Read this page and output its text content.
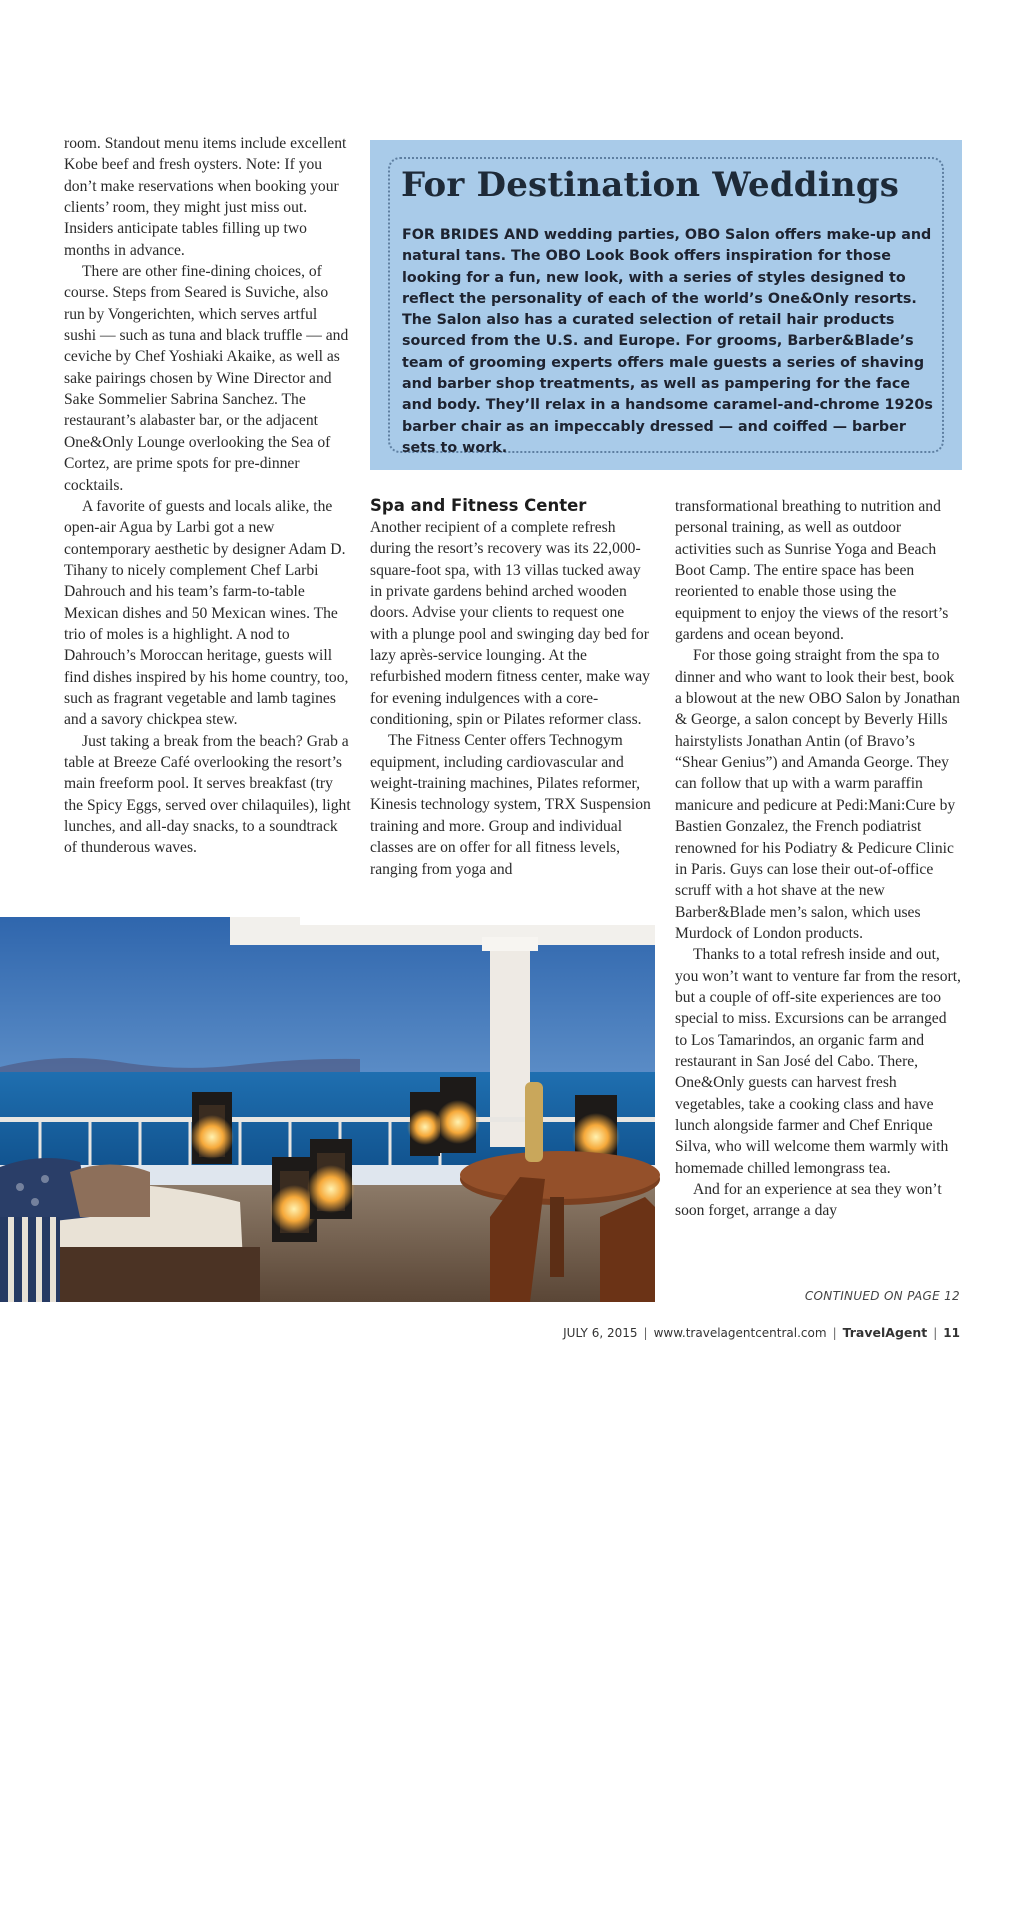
room. Standout menu items include excellent Kobe beef and fresh oysters. Note: If you don’t make reservations when booking your clients’ room, they might just miss out. Insiders anticipate tables filling up two months in advance.

There are other fine-dining choices, of course. Steps from Seared is Suviche, also run by Vongerichten, which serves artful sushi — such as tuna and black truffle — and ceviche by Chef Yoshiaki Akaike, as well as sake pairings chosen by Wine Director and Sake Sommelier Sabrina Sanchez. The restaurant’s alabaster bar, or the adjacent One&Only Lounge overlooking the Sea of Cortez, are prime spots for pre-dinner cocktails.

A favorite of guests and locals alike, the open-air Agua by Larbi got a new contemporary aesthetic by designer Adam D. Tihany to nicely complement Chef Larbi Dahrouch and his team’s farm-to-table Mexican dishes and 50 Mexican wines. The trio of moles is a highlight. A nod to Dahrouch’s Moroccan heritage, guests will find dishes inspired by his home country, too, such as fragrant vegetable and lamb tagines and a savory chickpea stew.

Just taking a break from the beach? Grab a table at Breeze Café overlooking the resort’s main freeform pool. It serves breakfast (try the Spicy Eggs, served over chilaquiles), light lunches, and all-day snacks, to a soundtrack of thunderous waves.

For Destination Weddings
FOR BRIDES AND wedding parties, OBO Salon offers make-up and natural tans. The OBO Look Book offers inspiration for those looking for a fun, new look, with a series of styles designed to reflect the personality of each of the world’s One&Only resorts. The Salon also has a curated selection of retail hair products sourced from the U.S. and Europe. For grooms, Barber&Blade’s team of grooming experts offers male guests a series of shaving and barber shop treatments, as well as pampering for the face and body. They’ll relax in a handsome caramel-and-chrome 1920s barber chair as an impeccably dressed — and coiffed — barber sets to work.
Spa and Fitness Center

Another recipient of a complete refresh during the resort’s recovery was its 22,000-square-foot spa, with 13 villas tucked away in private gardens behind arched wooden doors. Advise your clients to request one with a plunge pool and swinging day bed for lazy après-service lounging. At the refurbished modern fitness center, make way for evening indulgences with a core-conditioning, spin or Pilates reformer class.

The Fitness Center offers Technogym equipment, including cardiovascular and weight-training machines, Pilates reformer, Kinesis technology system, TRX Suspension training and more. Group and individual classes are on offer for all fitness levels, ranging from yoga and

transformational breathing to nutrition and personal training, as well as outdoor activities such as Sunrise Yoga and Beach Boot Camp. The entire space has been reoriented to enable those using the equipment to enjoy the views of the resort’s gardens and ocean beyond.

For those going straight from the spa to dinner and who want to look their best, book a blowout at the new OBO Salon by Jonathan & George, a salon concept by Beverly Hills hairstylists Jonathan Antin (of Bravo’s “Shear Genius”) and Amanda George. They can follow that up with a warm paraffin manicure and pedicure at Pedi:Mani:Cure by Bastien Gonzalez, the French podiatrist renowned for his Podiatry & Pedicure Clinic in Paris. Guys can lose their out-of-office scruff with a hot shave at the new Barber&Blade men’s salon, which uses Murdock of London products.

Thanks to a total refresh inside and out, you won’t want to venture far from the resort, but a couple of off-site experiences are too special to miss. Excursions can be arranged to Los Tamarindos, an organic farm and restaurant in San José del Cabo. There, One&Only guests can harvest fresh vegetables, take a cooking class and have lunch alongside farmer and Chef Enrique Silva, who will welcome them warmly with homemade chilled lemongrass tea.

And for an experience at sea they won’t soon forget, arrange a day

CONTINUED ON PAGE 12
Superior and Deluxe Rooms at One&Ony Palmilla have shaded terraces with day beds overlook the bay.
JULY 6, 2015 | www.travelagentcentral.com | TravelAgent | 11
